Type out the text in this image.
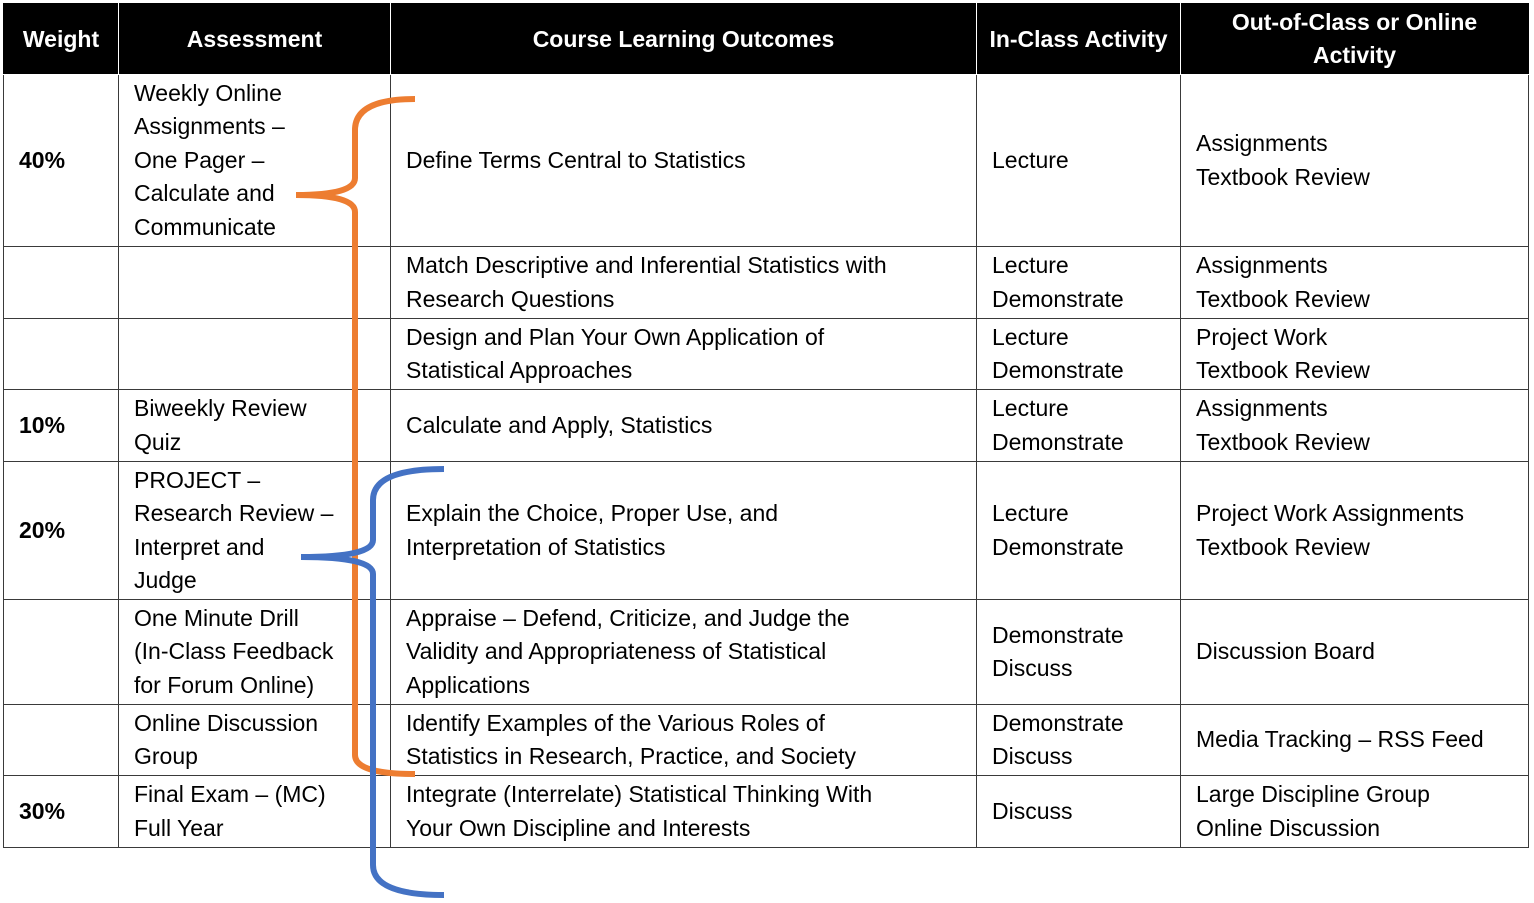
Weight	Assessment	Course Learning Outcomes	In-Class Activity	Out-of-Class or Online Activity
40%	Weekly Online
Assignments –
One Pager –
Calculate and
Communicate	Define Terms Central to Statistics	Lecture	Assignments
Textbook Review

		Match Descriptive and Inferential Statistics with
Research Questions	Lecture
Demonstrate	Assignments
Textbook Review

		Design and Plan Your Own Application of
Statistical Approaches	Lecture
Demonstrate	Project Work
Textbook Review

10%	Biweekly Review
Quiz	Calculate and Apply, Statistics	Lecture
Demonstrate	Assignments
Textbook Review

20%	PROJECT –
Research Review –
Interpret and
Judge	Explain the Choice, Proper Use, and
Interpretation of Statistics	Lecture
Demonstrate	Project Work Assignments
Textbook Review

	One Minute Drill
(In-Class Feedback
for Forum Online)	Appraise – Defend, Criticize, and Judge the
Validity and Appropriateness of Statistical
Applications	Demonstrate
Discuss	Discussion Board

	Online Discussion
Group	Identify Examples of the Various Roles of
Statistics in Research, Practice, and Society	Demonstrate
Discuss	Media Tracking – RSS Feed

30%	Final Exam – (MC)
Full Year	Integrate (Interrelate) Statistical Thinking With
Your Own Discipline and Interests	Discuss	Large Discipline Group
Online Discussion
